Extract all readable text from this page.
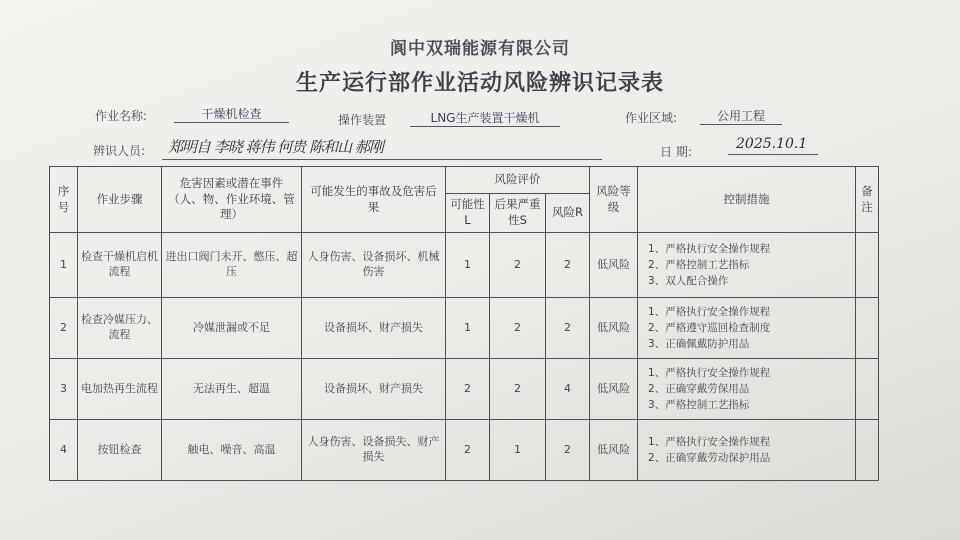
阆中双瑞能源有限公司
生产运行部作业活动风险辨识记录表
作业名称:	干燥机检查	操作装置	LNG生产装置干燥机	作业区域:	公用工程
辨识人员: 郑明自 李晓 蒋伟 何贵 陈和山 郝刚	日 期:	2025.10.1
序号	作业步骤	危害因素或潜在事件（人、物、作业环境、管理）	可能发生的事故及危害后果	风险评价			风险等级	控制措施	备注
				可能性L	后果严重性S	风险R			
1	检查干燥机启机流程	进出口阀门未开、憋压、超压	人身伤害、设备损坏、机械伤害	1	2	2	低风险	1、严格执行安全操作规程
2、严格控制工艺指标
3、双人配合操作	

2	检查冷媒压力、流程	冷媒泄漏或不足	设备损坏、财产损失	1	2	2	低风险	1、严格执行安全操作规程
2、严格遵守巡回检查制度
3、正确佩戴防护用品	

3	电加热再生流程	无法再生、超温	设备损坏、财产损失	2	2	4	低风险	1、严格执行安全操作规程
2、正确穿戴劳保用品
3、严格控制工艺指标	

4	按钮检查	触电、噪音、高温	人身伤害、设备损失、财产损失	2	1	2	低风险	1、严格执行安全操作规程
2、正确穿戴劳动保护用品	
